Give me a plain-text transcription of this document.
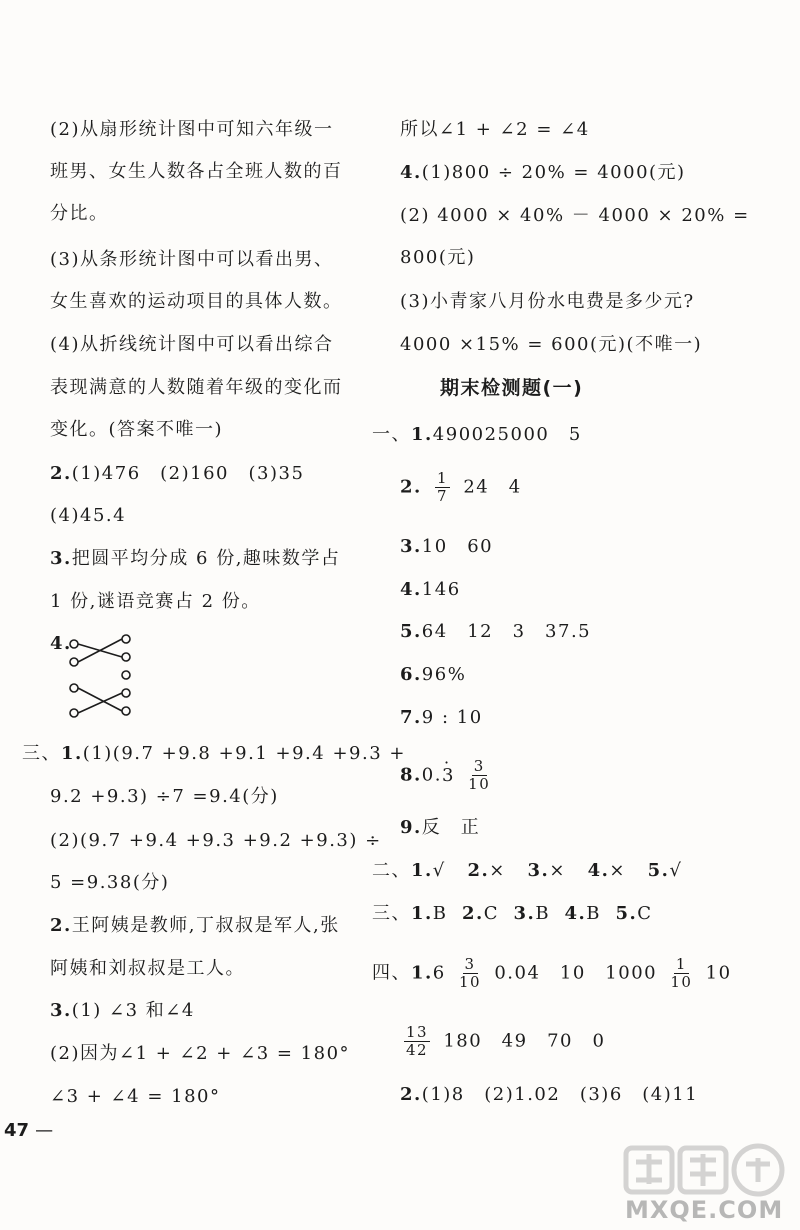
(2)从扇形统计图中可知六年级一
班男、女生人数各占全班人数的百
分比。
(3)从条形统计图中可以看出男、
女生喜欢的运动项目的具体人数。
(4)从折线统计图中可以看出综合
表现满意的人数随着年级的变化而
变化。(答案不唯一)
2.(1)476　(2)160　(3)35
(4)45.4
3.把圆平均分成 6 份,趣味数学占
1 份,谜语竞赛占 2 份。
4.
三、1.(1)(9.7 +9.8 +9.1 +9.4 +9.3 +
9.2 +9.3) ÷7 =9.4(分)
(2)(9.7 +9.4 +9.3 +9.2 +9.3) ÷
5 =9.38(分)
2.王阿姨是教师,丁叔叔是军人,张
阿姨和刘叔叔是工人。
3.(1) ∠3 和∠4
(2)因为∠1 + ∠2 + ∠3 = 180°
∠3 + ∠4 = 180°
47 —
所以∠1 + ∠2 = ∠4
4.(1)800 ÷ 20% = 4000(元)
(2) 4000 × 40% － 4000 × 20% =
800(元)
(3)小青家八月份水电费是多少元?
4000 ×15% = 600(元)(不唯一)
期末检测题(一)
一、1.490025000　5
2. $\frac{1}{7} 24$　4
3.10　60
4.146
5.64　12　3　37.5
6.96%
7.9 : 10
$8.0.\cdot 3 \frac{3}{10}$
9.反　正
二、1.√ 2.× 3.× 4.× 5.√
三、1.B 2.C 3.B 4.B 5.C
四、$1.6 \frac{3}{10} 0.04$　10　$1000 \frac{1}{10} 10$
$\frac{13}{42} 180$　49　70　0
2.(1)8　(2)1.02　(3)6　(4)11
MXQE.COM
